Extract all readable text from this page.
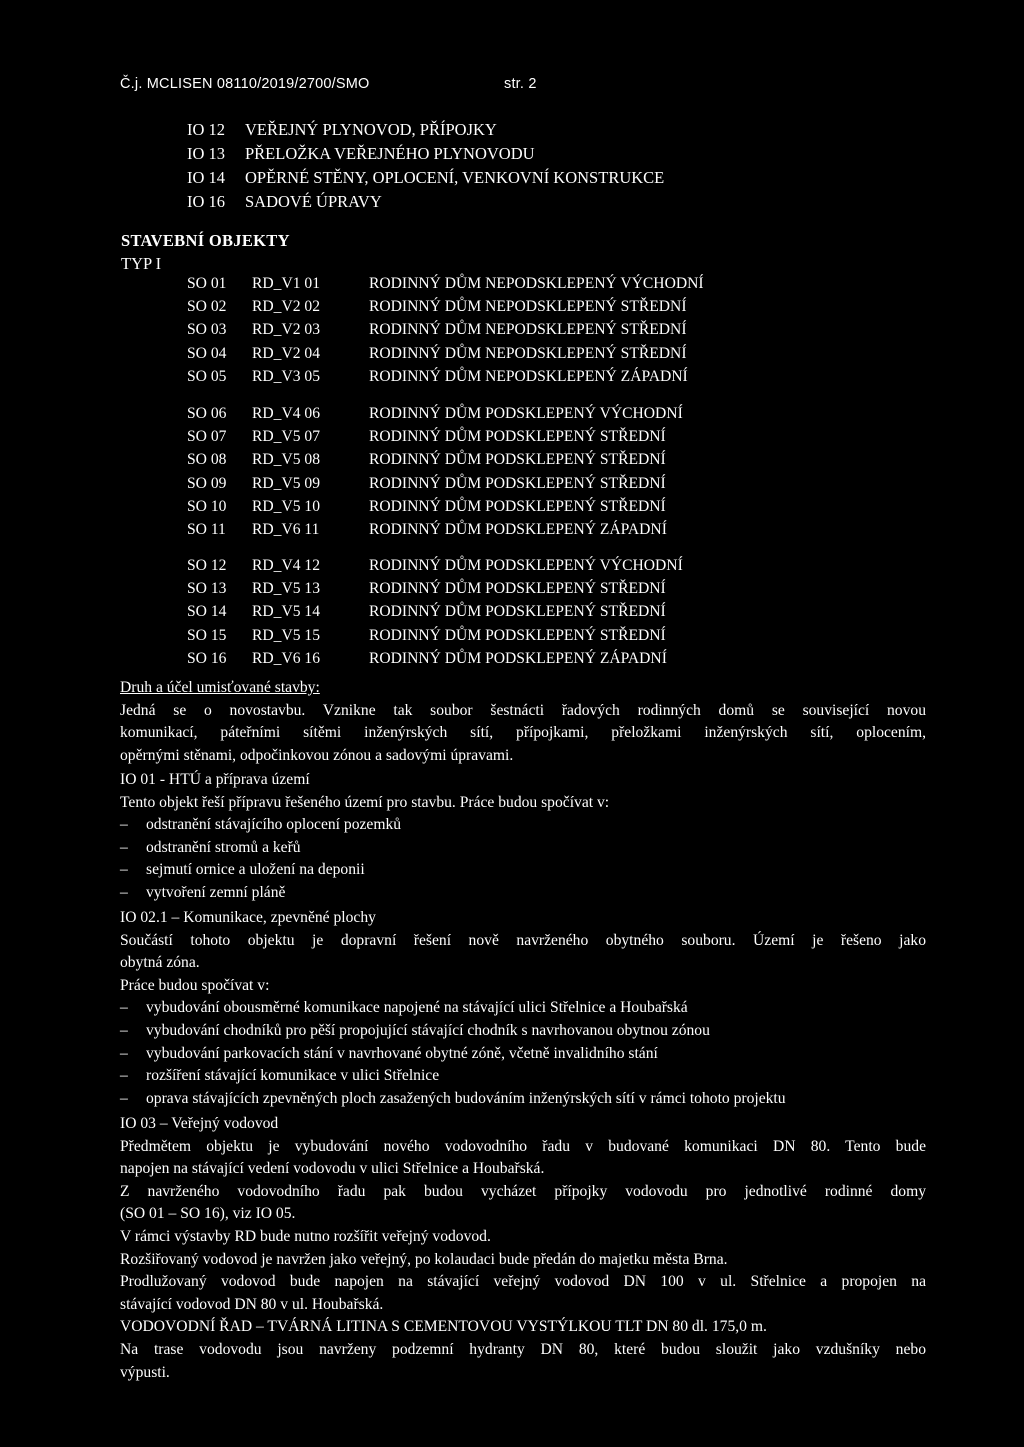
Č.j. MCLISEN 08110/2019/2700/SMO	str. 2
IO 12	VEŘEJNÝ PLYNOVOD, PŘÍPOJKY
IO 13	PŘELOŽKA VEŘEJNÉHO PLYNOVODU
IO 14	OPĚRNÉ STĚNY, OPLOCENÍ, VENKOVNÍ KONSTRUKCE
IO 16	SADOVÉ ÚPRAVY
STAVEBNÍ OBJEKTY
TYP I
SO 01	RD_V1 01	RODINNÝ DŮM NEPODSKLEPENÝ VÝCHODNÍ
SO 02	RD_V2 02	RODINNÝ DŮM NEPODSKLEPENÝ STŘEDNÍ
SO 03	RD_V2 03	RODINNÝ DŮM NEPODSKLEPENÝ STŘEDNÍ
SO 04	RD_V2 04	RODINNÝ DŮM NEPODSKLEPENÝ STŘEDNÍ
SO 05	RD_V3 05	RODINNÝ DŮM NEPODSKLEPENÝ ZÁPADNÍ
SO 06	RD_V4 06	RODINNÝ DŮM PODSKLEPENÝ VÝCHODNÍ
SO 07	RD_V5 07	RODINNÝ DŮM PODSKLEPENÝ STŘEDNÍ
SO 08	RD_V5 08	RODINNÝ DŮM PODSKLEPENÝ STŘEDNÍ
SO 09	RD_V5 09	RODINNÝ DŮM PODSKLEPENÝ STŘEDNÍ
SO 10	RD_V5 10	RODINNÝ DŮM PODSKLEPENÝ STŘEDNÍ
SO 11	RD_V6 11	RODINNÝ DŮM PODSKLEPENÝ ZÁPADNÍ
SO 12	RD_V4 12	RODINNÝ DŮM PODSKLEPENÝ VÝCHODNÍ
SO 13	RD_V5 13	RODINNÝ DŮM PODSKLEPENÝ STŘEDNÍ
SO 14	RD_V5 14	RODINNÝ DŮM PODSKLEPENÝ STŘEDNÍ
SO 15	RD_V5 15	RODINNÝ DŮM PODSKLEPENÝ STŘEDNÍ
SO 16	RD_V6 16	RODINNÝ DŮM PODSKLEPENÝ ZÁPADNÍ
Druh a účel umisťované stavby:
Jedná se o novostavbu. Vznikne tak soubor šestnácti řadových rodinných domů se související novou
komunikací, páteřními sítěmi inženýrských sítí, přípojkami, přeložkami inženýrských sítí, oplocením,
opěrnými stěnami, odpočinkovou zónou a sadovými úpravami.
IO 01 - HTÚ a příprava území
Tento objekt řeší přípravu řešeného území pro stavbu. Práce budou spočívat v:
–	odstranění stávajícího oplocení pozemků
–	odstranění stromů a keřů
–	sejmutí ornice a uložení na deponii
–	vytvoření zemní pláně
IO 02.1 – Komunikace, zpevněné plochy
Součástí tohoto objektu je dopravní řešení nově navrženého obytného souboru. Území je řešeno jako
obytná zóna.
Práce budou spočívat v:
–	vybudování obousměrné komunikace napojené na stávající ulici Střelnice a Houbařská
–	vybudování chodníků pro pěší propojující stávající chodník s navrhovanou obytnou zónou
–	vybudování parkovacích stání v navrhované obytné zóně, včetně invalidního stání
–	rozšíření stávající komunikace v ulici Střelnice
–	oprava stávajících zpevněných ploch zasažených budováním inženýrských sítí v rámci tohoto projektu
IO 03 – Veřejný vodovod
Předmětem objektu je vybudování nového vodovodního řadu v budované komunikaci DN 80. Tento bude
napojen na stávající vedení vodovodu v ulici Střelnice a Houbařská.
Z navrženého vodovodního řadu pak budou vycházet přípojky vodovodu pro jednotlivé rodinné domy
(SO 01 – SO 16), viz IO 05.
V rámci výstavby RD bude nutno rozšířit veřejný vodovod.
Rozšiřovaný vodovod je navržen jako veřejný, po kolaudaci bude předán do majetku města Brna.
Prodlužovaný vodovod bude napojen na stávající veřejný vodovod DN 100 v ul. Střelnice a propojen na
stávající vodovod DN 80 v ul. Houbařská.
VODOVODNÍ ŘAD – TVÁRNÁ LITINA S CEMENTOVOU VYSTÝLKOU TLT DN 80 dl. 175,0 m.
Na trase vodovodu jsou navrženy podzemní hydranty DN 80, které budou sloužit jako vzdušníky nebo
výpusti.
